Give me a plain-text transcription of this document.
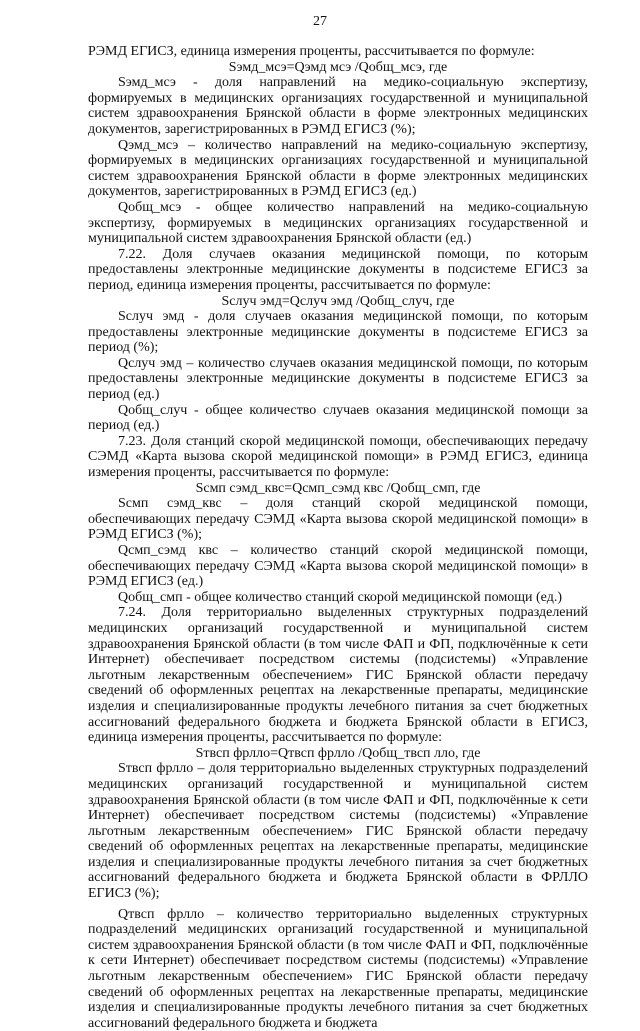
27

РЭМД ЕГИСЗ, единица измерения проценты, рассчитывается по формуле:

Sэмд_мсэ=Qэмд мсэ /Qобщ_мсэ, где

Sэмд_мсэ - доля направлений на медико-социальную экспертизу, формируемых в медицинских организациях государственной и муниципальной систем здравоохранения Брянской области в форме электронных медицинских документов, зарегистрированных в РЭМД ЕГИСЗ (%);

Qэмд_мсэ – количество направлений на медико-социальную экспертизу, формируемых в медицинских организациях государственной и муниципальной систем здравоохранения Брянской области в форме электронных медицинских документов, зарегистрированных в РЭМД ЕГИСЗ (ед.)

Qобщ_мсэ - общее количество направлений на медико-социальную экспертизу, формируемых в медицинских организациях государственной и муниципальной систем здравоохранения Брянской области (ед.)

7.22. Доля случаев оказания медицинской помощи, по которым предоставлены электронные медицинские документы в подсистеме ЕГИСЗ за период, единица измерения проценты, рассчитывается по формуле:

Sслуч эмд=Qслуч эмд /Qобщ_случ, где

Sслуч эмд - доля случаев оказания медицинской помощи, по которым предоставлены электронные медицинские документы в подсистеме ЕГИСЗ за период (%);

Qслуч эмд – количество случаев оказания медицинской помощи, по которым предоставлены электронные медицинские документы в подсистеме ЕГИСЗ за период (ед.)

Qобщ_случ - общее количество случаев оказания медицинской помощи за период (ед.)

7.23. Доля станций скорой медицинской помощи, обеспечивающих передачу СЭМД «Карта вызова скорой медицинской помощи» в РЭМД ЕГИСЗ, единица измерения проценты, рассчитывается по формуле:

Sсмп сэмд_квс=Qсмп_сэмд квс /Qобщ_смп, где

Sсмп сэмд_квс – доля станций скорой медицинской помощи, обеспечивающих передачу СЭМД «Карта вызова скорой медицинской помощи» в РЭМД ЕГИСЗ (%);

Qсмп_сэмд квс – количество станций скорой медицинской помощи, обеспечивающих передачу СЭМД «Карта вызова скорой медицинской помощи» в РЭМД ЕГИСЗ (ед.)

Qобщ_смп - общее количество станций скорой медицинской помощи (ед.)

7.24. Доля территориально выделенных структурных подразделений медицинских организаций государственной и муниципальной систем здравоохранения Брянской области (в том числе ФАП и ФП, подключённые к сети Интернет) обеспечивает посредством системы (подсистемы) «Управление льготным лекарственным обеспечением» ГИС Брянской области передачу сведений об оформленных рецептах на лекарственные препараты, медицинские изделия и специализированные продукты лечебного питания за счет бюджетных ассигнований федерального бюджета и бюджета Брянской области в ЕГИСЗ, единица измерения проценты, рассчитывается по формуле:

Sтвсп фрлло=Qтвсп фрлло /Qобщ_твсп лло, где

Sтвсп фрлло – доля территориально выделенных структурных подразделений медицинских организаций государственной и муниципальной систем здравоохранения Брянской области (в том числе ФАП и ФП, подключённые к сети Интернет) обеспечивает посредством системы (подсистемы) «Управление льготным лекарственным обеспечением» ГИС Брянской области передачу сведений об оформленных рецептах на лекарственные препараты, медицинские изделия и специализированные продукты лечебного питания за счет бюджетных ассигнований федерального бюджета и бюджета Брянской области в ФРЛЛО ЕГИСЗ (%);

Qтвсп фрлло – количество территориально выделенных структурных подразделений медицинских организаций государственной и муниципальной систем здравоохранения Брянской области (в том числе ФАП и ФП, подключённые к сети Интернет) обеспечивает посредством системы (подсистемы) «Управление льготным лекарственным обеспечением» ГИС Брянской области передачу сведений об оформленных рецептах на лекарственные препараты, медицинские изделия и специализированные продукты лечебного питания за счет бюджетных ассигнований федерального бюджета и бюджета
